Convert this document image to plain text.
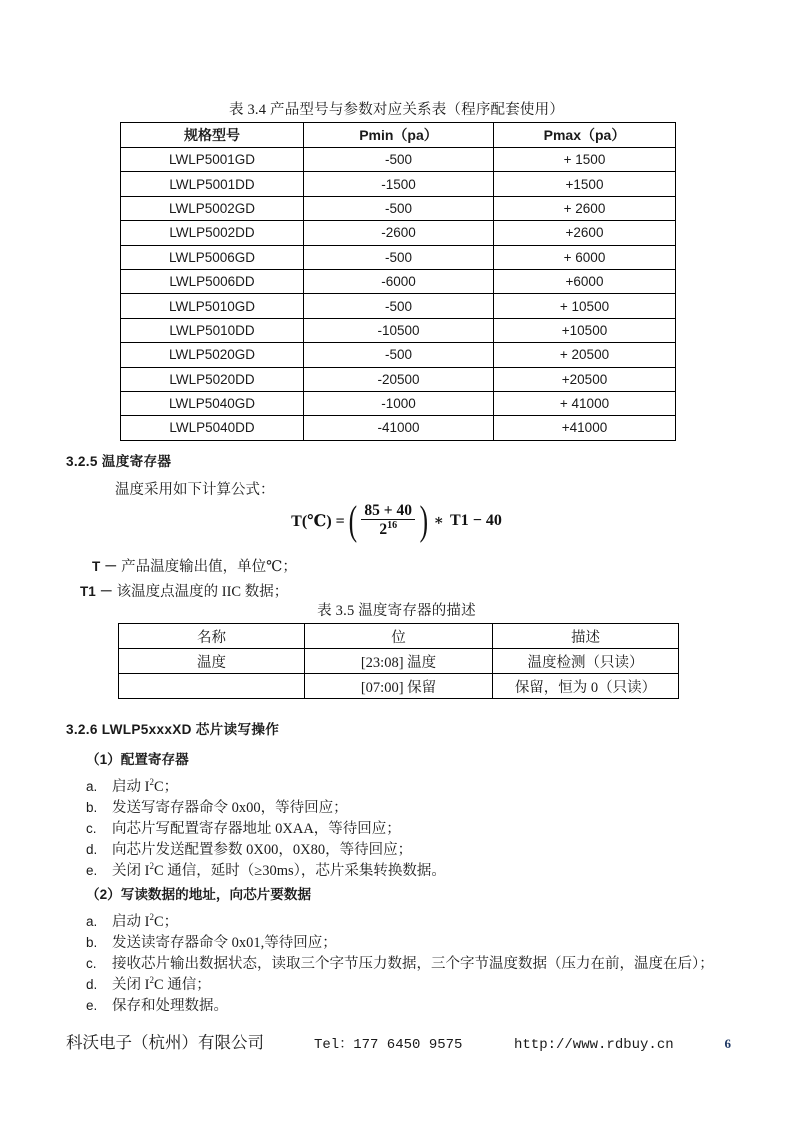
表 3.4 产品型号与参数对应关系表（程序配套使用）
规格型号	Pmin（pa）	Pmax（pa）
LWLP5001GD	-500	+ 1500
LWLP5001DD	-1500	+1500
LWLP5002GD	-500	+ 2600
LWLP5002DD	-2600	+2600
LWLP5006GD	-500	+ 6000
LWLP5006DD	-6000	+6000
LWLP5010GD	-500	+ 10500
LWLP5010DD	-10500	+10500
LWLP5020GD	-500	+ 20500
LWLP5020DD	-20500	+20500
LWLP5040GD	-1000	+ 41000
LWLP5040DD	-41000	+41000
3.2.5 温度寄存器
温度采用如下计算公式：
T(℃) = ( $\frac{85 + 40}{2^{16}}$ ) ∗ T1 − 40
T － 产品温度输出值，单位℃；
T1 － 该温度点温度的 IIC 数据；
表 3.5 温度寄存器的描述
名称	位	描述
温度	[23:08] 温度	温度检测（只读）
	[07:00] 保留	保留，恒为 0（只读）
3.2.6 LWLP5xxxXD 芯片读写操作
（1）配置寄存器
a.	启动 $I^2C$；
b.	发送写寄存器命令 0x00，等待回应；
c.	向芯片写配置寄存器地址 0XAA，等待回应；
d.	向芯片发送配置参数 0X00，0X80，等待回应；
e.	关闭 $I^2C$ 通信，延时（≥30ms），芯片采集转换数据。
（2）写读数据的地址，向芯片要数据
a.	启动 $I^2C$；
b.	发送读寄存器命令 0x01,等待回应；
c.	接收芯片输出数据状态，读取三个字节压力数据，三个字节温度数据（压力在前，温度在后）；
d.	关闭 $I^2C$ 通信；
e.	保存和处理数据。
科沃电子（杭州）有限公司	Tel：177 6450 9575	http://www.rdbuy.cn	6
